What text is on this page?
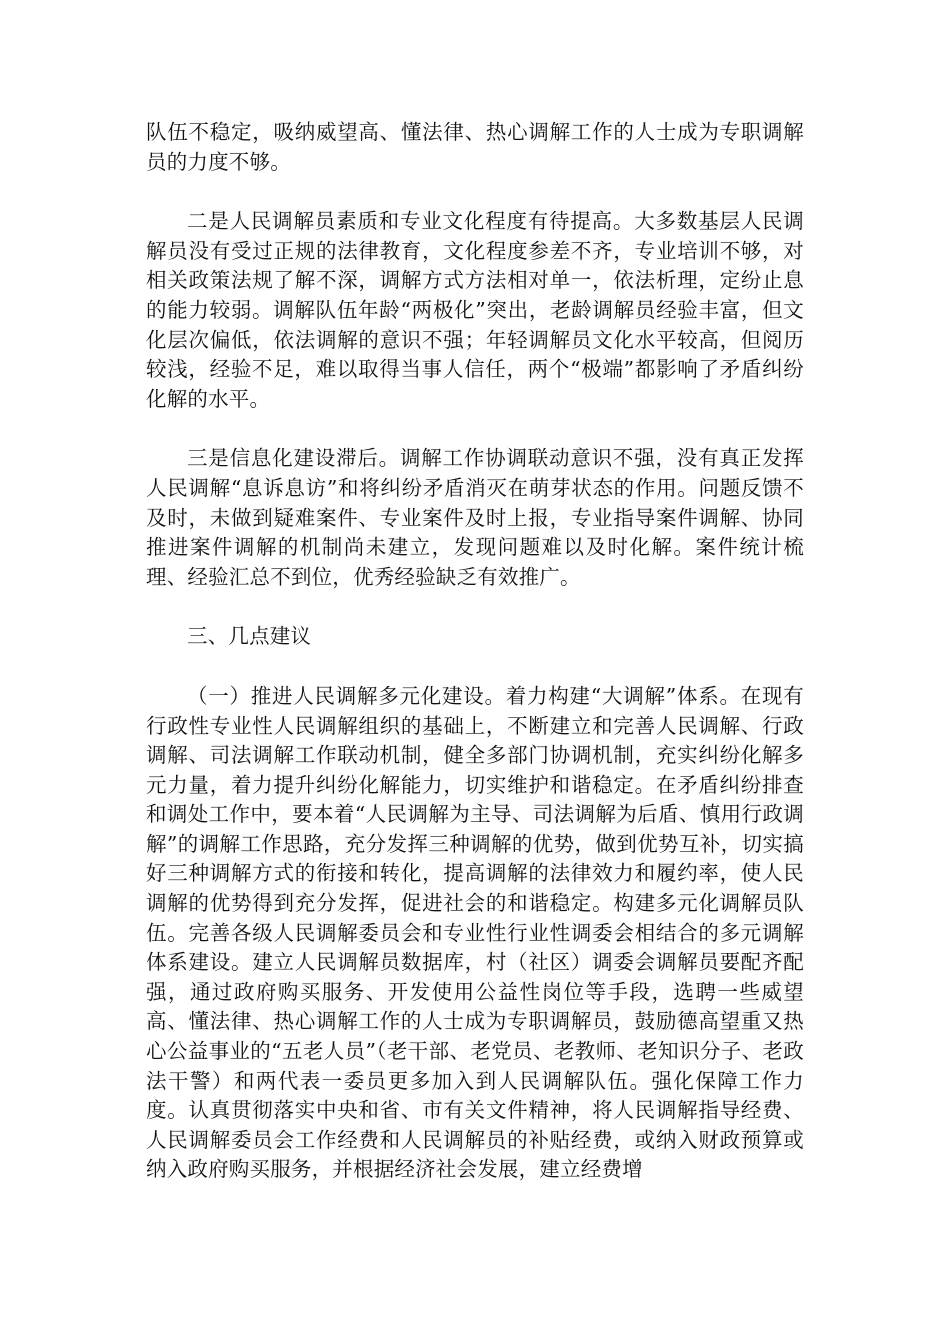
队伍不稳定，吸纳威望高、懂法律、热心调解工作的人士成为专职调解员的力度不够。

二是人民调解员素质和专业文化程度有待提高。大多数基层人民调解员没有受过正规的法律教育，文化程度参差不齐，专业培训不够，对相关政策法规了解不深，调解方式方法相对单一，依法析理，定纷止息的能力较弱。调解队伍年龄“两极化”突出，老龄调解员经验丰富，但文化层次偏低，依法调解的意识不强；年轻调解员文化水平较高，但阅历较浅，经验不足，难以取得当事人信任，两个“极端”都影响了矛盾纠纷化解的水平。

三是信息化建设滞后。调解工作协调联动意识不强，没有真正发挥人民调解“息诉息访”和将纠纷矛盾消灭在萌芽状态的作用。问题反馈不及时，未做到疑难案件、专业案件及时上报，专业指导案件调解、协同推进案件调解的机制尚未建立，发现问题难以及时化解。案件统计梳理、经验汇总不到位，优秀经验缺乏有效推广。

三、几点建议

（一）推进人民调解多元化建设。着力构建“大调解”体系。在现有行政性专业性人民调解组织的基础上，不断建立和完善人民调解、行政调解、司法调解工作联动机制，健全多部门协调机制，充实纠纷化解多元力量，着力提升纠纷化解能力，切实维护和谐稳定。在矛盾纠纷排查和调处工作中，要本着“人民调解为主导、司法调解为后盾、慎用行政调解”的调解工作思路，充分发挥三种调解的优势，做到优势互补，切实搞好三种调解方式的衔接和转化，提高调解的法律效力和履约率，使人民调解的优势得到充分发挥，促进社会的和谐稳定。构建多元化调解员队伍。完善各级人民调解委员会和专业性行业性调委会相结合的多元调解体系建设。建立人民调解员数据库，村（社区）调委会调解员要配齐配强，通过政府购买服务、开发使用公益性岗位等手段，选聘一些威望高、懂法律、热心调解工作的人士成为专职调解员，鼓励德高望重又热心公益事业的“五老人员”（老干部、老党员、老教师、老知识分子、老政法干警）和两代表一委员更多加入到人民调解队伍。强化保障工作力度。认真贯彻落实中央和省、市有关文件精神，将人民调解指导经费、人民调解委员会工作经费和人民调解员的补贴经费，或纳入财政预算或纳入政府购买服务，并根据经济社会发展，建立经费增
